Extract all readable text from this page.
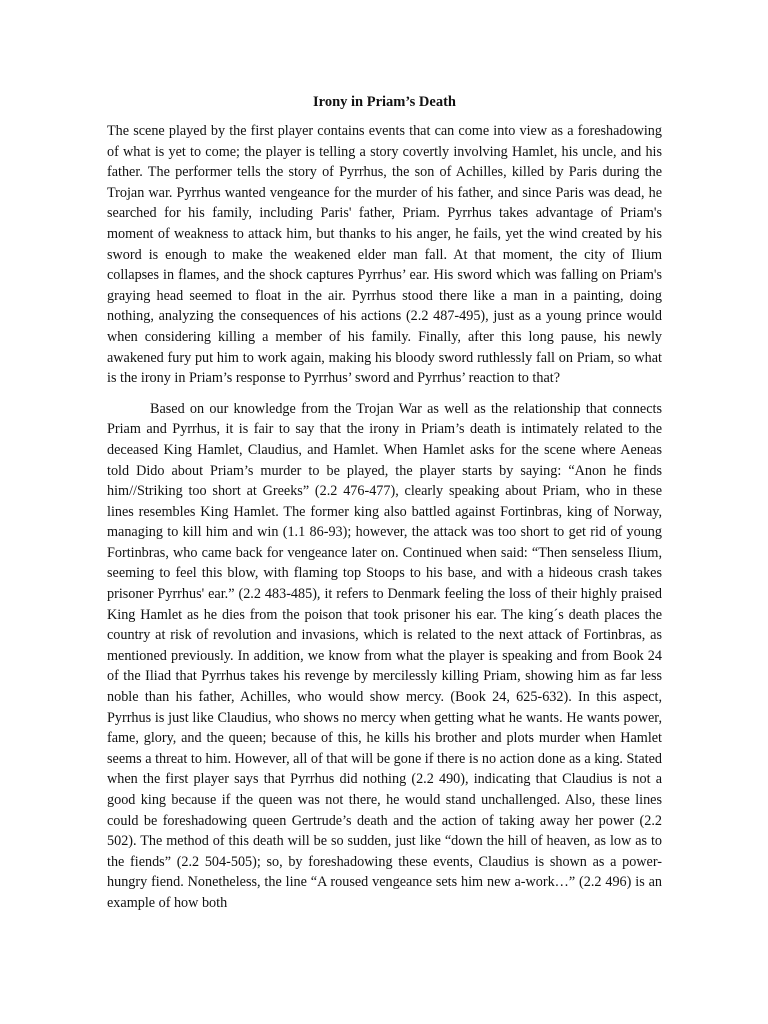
Irony in Priam’s Death

The scene played by the first player contains events that can come into view as a foreshadowing of what is yet to come; the player is telling a story covertly involving Hamlet, his uncle, and his father. The performer tells the story of Pyrrhus, the son of Achilles, killed by Paris during the Trojan war. Pyrrhus wanted vengeance for the murder of his father, and since Paris was dead, he searched for his family, including Paris' father, Priam. Pyrrhus takes advantage of Priam's moment of weakness to attack him, but thanks to his anger, he fails, yet the wind created by his sword is enough to make the weakened elder man fall. At that moment, the city of Ilium collapses in flames, and the shock captures Pyrrhus’ ear. His sword which was falling on Priam's graying head seemed to float in the air. Pyrrhus stood there like a man in a painting, doing nothing, analyzing the consequences of his actions (2.2 487-495), just as a young prince would when considering killing a member of his family. Finally, after this long pause, his newly awakened fury put him to work again, making his bloody sword ruthlessly fall on Priam, so what is the irony in Priam’s response to Pyrrhus’ sword and Pyrrhus’ reaction to that?

Based on our knowledge from the Trojan War as well as the relationship that connects Priam and Pyrrhus, it is fair to say that the irony in Priam’s death is intimately related to the deceased King Hamlet, Claudius, and Hamlet. When Hamlet asks for the scene where Aeneas told Dido about Priam’s murder to be played, the player starts by saying: “Anon he finds him//Striking too short at Greeks” (2.2 476-477), clearly speaking about Priam, who in these lines resembles King Hamlet. The former king also battled against Fortinbras, king of Norway, managing to kill him and win (1.1 86-93); however, the attack was too short to get rid of young Fortinbras, who came back for vengeance later on. Continued when said: “Then senseless Ilium, seeming to feel this blow, with flaming top Stoops to his base, and with a hideous crash takes prisoner Pyrrhus' ear.” (2.2 483-485), it refers to Denmark feeling the loss of their highly praised King Hamlet as he dies from the poison that took prisoner his ear. The king´s death places the country at risk of revolution and invasions, which is related to the next attack of Fortinbras, as mentioned previously. In addition, we know from what the player is speaking and from Book 24 of the Iliad that Pyrrhus takes his revenge by mercilessly killing Priam, showing him as far less noble than his father, Achilles, who would show mercy. (Book 24, 625-632). In this aspect, Pyrrhus is just like Claudius, who shows no mercy when getting what he wants. He wants power, fame, glory, and the queen; because of this, he kills his brother and plots murder when Hamlet seems a threat to him. However, all of that will be gone if there is no action done as a king. Stated when the first player says that Pyrrhus did nothing (2.2 490), indicating that Claudius is not a good king because if the queen was not there, he would stand unchallenged. Also, these lines could be foreshadowing queen Gertrude’s death and the action of taking away her power (2.2 502). The method of this death will be so sudden, just like “down the hill of heaven, as low as to the fiends” (2.2 504-505); so, by foreshadowing these events, Claudius is shown as a power-hungry fiend. Nonetheless, the line “A roused vengeance sets him new a-work…” (2.2 496) is an example of how both
